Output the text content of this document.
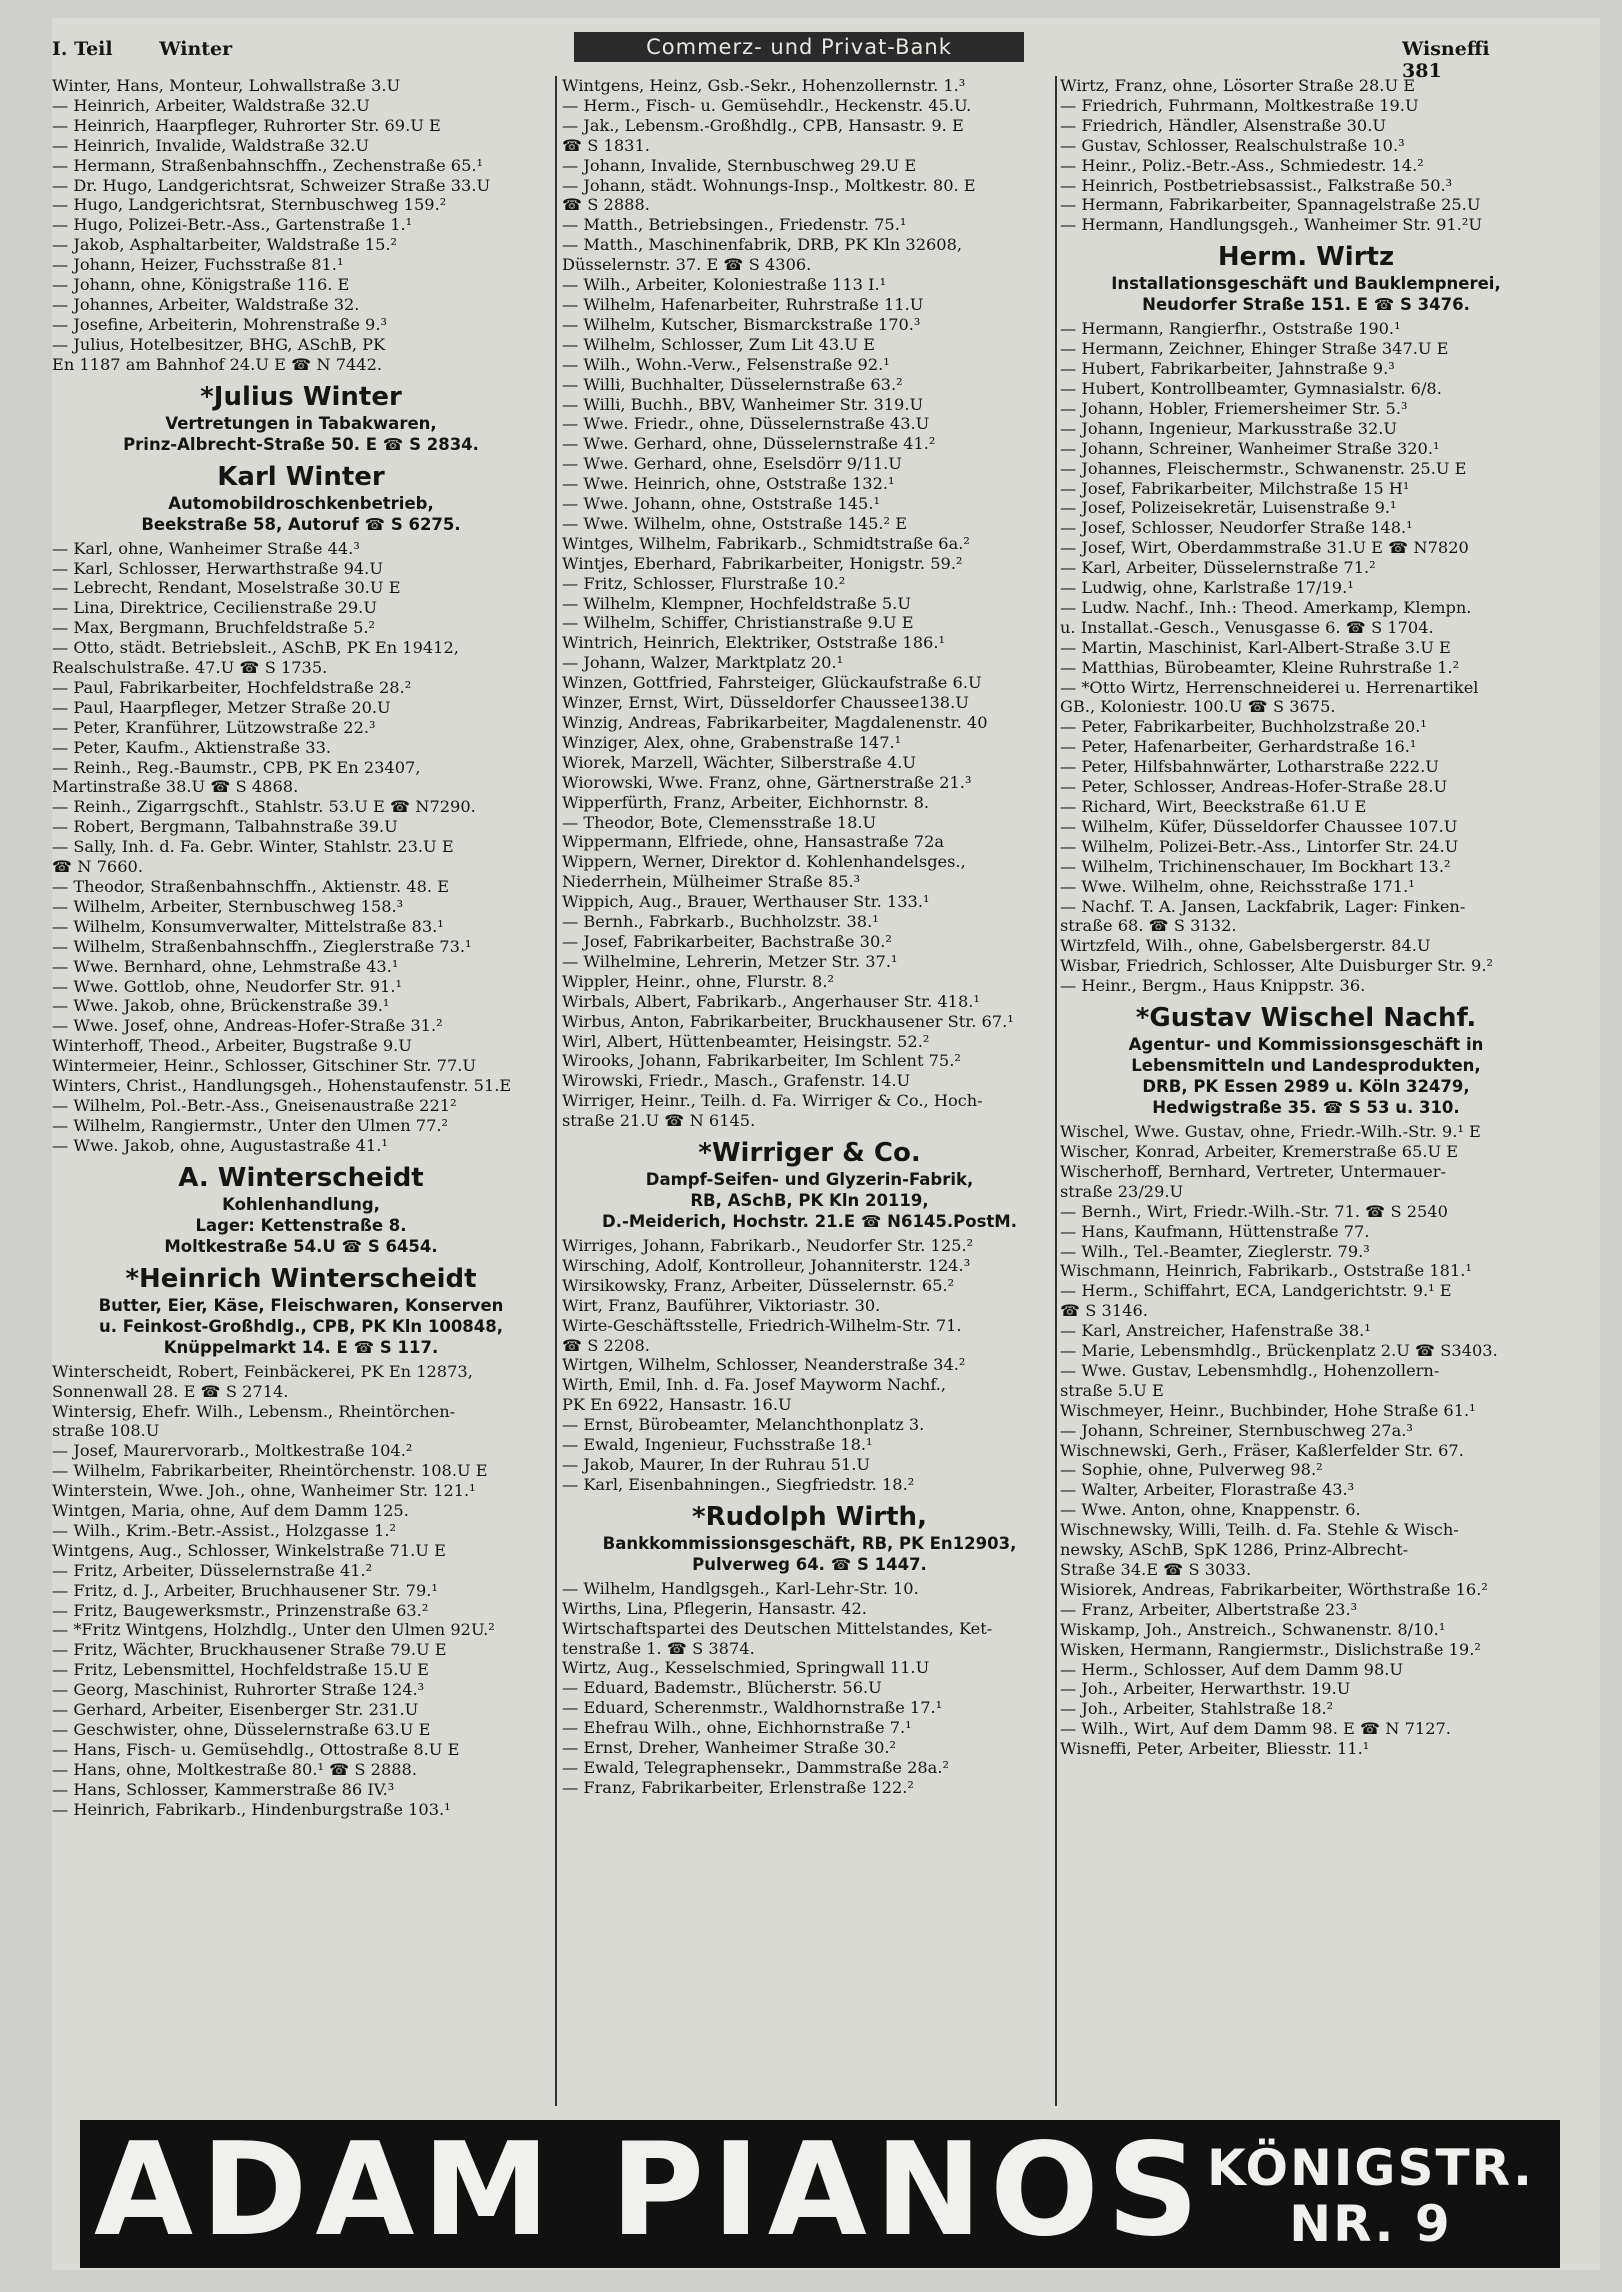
I. Teil Winter	Commerz- und Privat-Bank	Wisneffi 381
Winter, Hans, Monteur, Lohwallstraße 3.U
— Heinrich, Arbeiter, Waldstraße 32.U
— Heinrich, Haarpfleger, Ruhrorter Str. 69.U E
— Heinrich, Invalide, Waldstraße 32.U
— Hermann, Straßenbahnschffn., Zechenstraße 65.¹
— Dr. Hugo, Landgerichtsrat, Schweizer Straße 33.U
— Hugo, Landgerichtsrat, Sternbuschweg 159.²
— Hugo, Polizei-Betr.-Ass., Gartenstraße 1.¹
— Jakob, Asphaltarbeiter, Waldstraße 15.²
— Johann, Heizer, Fuchsstraße 81.¹
— Johann, ohne, Königstraße 116. E
— Johannes, Arbeiter, Waldstraße 32.
— Josefine, Arbeiterin, Mohrenstraße 9.³
— Julius, Hotelbesitzer, BHG, ASchB, PK
En 1187 am Bahnhof 24.U E ☎ N 7442.
*Julius Winter
Vertretungen in Tabakwaren,
Prinz-Albrecht-Straße 50. E ☎ S 2834.
Karl Winter
Automobildroschkenbetrieb,
Beekstraße 58, Autoruf ☎ S 6275.
— Karl, ohne, Wanheimer Straße 44.³
— Karl, Schlosser, Herwarthstraße 94.U
— Lebrecht, Rendant, Moselstraße 30.U E
— Lina, Direktrice, Cecilienstraße 29.U
— Max, Bergmann, Bruchfeldstraße 5.²
— Otto, städt. Betriebsleit., ASchB, PK En 19412,
Realschulstraße. 47.U ☎ S 1735.
— Paul, Fabrikarbeiter, Hochfeldstraße 28.²
— Paul, Haarpfleger, Metzer Straße 20.U
— Peter, Kranführer, Lützowstraße 22.³
— Peter, Kaufm., Aktienstraße 33.
— Reinh., Reg.-Baumstr., CPB, PK En 23407,
Martinstraße 38.U ☎ S 4868.
— Reinh., Zigarrgschft., Stahlstr. 53.U E ☎ N7290.
— Robert, Bergmann, Talbahnstraße 39.U
— Sally, Inh. d. Fa. Gebr. Winter, Stahlstr. 23.U E
☎ N 7660.
— Theodor, Straßenbahnschffn., Aktienstr. 48. E
— Wilhelm, Arbeiter, Sternbuschweg 158.³
— Wilhelm, Konsumverwalter, Mittelstraße 83.¹
— Wilhelm, Straßenbahnschffn., Zieglerstraße 73.¹
— Wwe. Bernhard, ohne, Lehmstraße 43.¹
— Wwe. Gottlob, ohne, Neudorfer Str. 91.¹
— Wwe. Jakob, ohne, Brückenstraße 39.¹
— Wwe. Josef, ohne, Andreas-Hofer-Straße 31.²
Winterhoff, Theod., Arbeiter, Bugstraße 9.U
Wintermeier, Heinr., Schlosser, Gitschiner Str. 77.U
Winters, Christ., Handlungsgeh., Hohenstaufenstr. 51.E
— Wilhelm, Pol.-Betr.-Ass., Gneisenaustraße 221²
— Wilhelm, Rangiermstr., Unter den Ulmen 77.²
— Wwe. Jakob, ohne, Augustastraße 41.¹
A. Winterscheidt
Kohlenhandlung,
Lager: Kettenstraße 8.
Moltkestraße 54.U ☎ S 6454.
*Heinrich Winterscheidt
Butter, Eier, Käse, Fleischwaren, Konserven
u. Feinkost-Großhdlg., CPB, PK Kln 100848,
Knüppelmarkt 14. E ☎ S 117.
Winterscheidt, Robert, Feinbäckerei, PK En 12873,
Sonnenwall 28. E ☎ S 2714.
Wintersig, Ehefr. Wilh., Lebensm., Rheintörchen-
straße 108.U
— Josef, Maurervorarb., Moltkestraße 104.²
— Wilhelm, Fabrikarbeiter, Rheintörchenstr. 108.U E
Winterstein, Wwe. Joh., ohne, Wanheimer Str. 121.¹
Wintgen, Maria, ohne, Auf dem Damm 125.
— Wilh., Krim.-Betr.-Assist., Holzgasse 1.²
Wintgens, Aug., Schlosser, Winkelstraße 71.U E
— Fritz, Arbeiter, Düsselernstraße 41.²
— Fritz, d. J., Arbeiter, Bruchhausener Str. 79.¹
— Fritz, Baugewerksmstr., Prinzenstraße 63.²
— *Fritz Wintgens, Holzhdlg., Unter den Ulmen 92U.²
— Fritz, Wächter, Bruckhausener Straße 79.U E
— Fritz, Lebensmittel, Hochfeldstraße 15.U E
— Georg, Maschinist, Ruhrorter Straße 124.³
— Gerhard, Arbeiter, Eisenberger Str. 231.U
— Geschwister, ohne, Düsselernstraße 63.U E
— Hans, Fisch- u. Gemüsehdlg., Ottostraße 8.U E
— Hans, ohne, Moltkestraße 80.¹ ☎ S 2888.
— Hans, Schlosser, Kammerstraße 86 IV.³
— Heinrich, Fabrikarb., Hindenburgstraße 103.¹
Wintgens, Heinz, Gsb.-Sekr., Hohenzollernstr. 1.³
— Herm., Fisch- u. Gemüsehdlr., Heckenstr. 45.U.
— Jak., Lebensm.-Großhdlg., CPB, Hansastr. 9. E
☎ S 1831.
— Johann, Invalide, Sternbuschweg 29.U E
— Johann, städt. Wohnungs-Insp., Moltkestr. 80. E
☎ S 2888.
— Matth., Betriebsingen., Friedenstr. 75.¹
— Matth., Maschinenfabrik, DRB, PK Kln 32608,
Düsselernstr. 37. E ☎ S 4306.
— Wilh., Arbeiter, Koloniestraße 113 I.¹
— Wilhelm, Hafenarbeiter, Ruhrstraße 11.U
— Wilhelm, Kutscher, Bismarckstraße 170.³
— Wilhelm, Schlosser, Zum Lit 43.U E
— Wilh., Wohn.-Verw., Felsenstraße 92.¹
— Willi, Buchhalter, Düsselernstraße 63.²
— Willi, Buchh., BBV, Wanheimer Str. 319.U
— Wwe. Friedr., ohne, Düsselernstraße 43.U
— Wwe. Gerhard, ohne, Düsselernstraße 41.²
— Wwe. Gerhard, ohne, Eselsdörr 9/11.U
— Wwe. Heinrich, ohne, Oststraße 132.¹
— Wwe. Johann, ohne, Oststraße 145.¹
— Wwe. Wilhelm, ohne, Oststraße 145.² E
Wintges, Wilhelm, Fabrikarb., Schmidtstraße 6a.²
Wintjes, Eberhard, Fabrikarbeiter, Honigstr. 59.²
— Fritz, Schlosser, Flurstraße 10.²
— Wilhelm, Klempner, Hochfeldstraße 5.U
— Wilhelm, Schiffer, Christianstraße 9.U E
Wintrich, Heinrich, Elektriker, Oststraße 186.¹
— Johann, Walzer, Marktplatz 20.¹
Winzen, Gottfried, Fahrsteiger, Glückaufstraße 6.U
Winzer, Ernst, Wirt, Düsseldorfer Chaussee138.U
Winzig, Andreas, Fabrikarbeiter, Magdalenenstr. 40
Winziger, Alex, ohne, Grabenstraße 147.¹
Wiorek, Marzell, Wächter, Silberstraße 4.U
Wiorowski, Wwe. Franz, ohne, Gärtnerstraße 21.³
Wipperfürth, Franz, Arbeiter, Eichhornstr. 8.
— Theodor, Bote, Clemensstraße 18.U
Wippermann, Elfriede, ohne, Hansastraße 72a
Wippern, Werner, Direktor d. Kohlenhandelsges.,
Niederrhein, Mülheimer Straße 85.³
Wippich, Aug., Brauer, Werthauser Str. 133.¹
— Bernh., Fabrkarb., Buchholzstr. 38.¹
— Josef, Fabrikarbeiter, Bachstraße 30.²
— Wilhelmine, Lehrerin, Metzer Str. 37.¹
Wippler, Heinr., ohne, Flurstr. 8.²
Wirbals, Albert, Fabrikarb., Angerhauser Str. 418.¹
Wirbus, Anton, Fabrikarbeiter, Bruckhausener Str. 67.¹
Wirl, Albert, Hüttenbeamter, Heisingstr. 52.²
Wirooks, Johann, Fabrikarbeiter, Im Schlent 75.²
Wirowski, Friedr., Masch., Grafenstr. 14.U
Wirriger, Heinr., Teilh. d. Fa. Wirriger & Co., Hoch-
straße 21.U ☎ N 6145.
*Wirriger & Co.
Dampf-Seifen- und Glyzerin-Fabrik,
RB, ASchB, PK Kln 20119,
D.-Meiderich, Hochstr. 21.E ☎ N6145.PostM.
Wirriges, Johann, Fabrikarb., Neudorfer Str. 125.²
Wirsching, Adolf, Kontrolleur, Johanniterstr. 124.³
Wirsikowsky, Franz, Arbeiter, Düsselernstr. 65.²
Wirt, Franz, Bauführer, Viktoriastr. 30.
Wirte-Geschäftsstelle, Friedrich-Wilhelm-Str. 71.
☎ S 2208.
Wirtgen, Wilhelm, Schlosser, Neanderstraße 34.²
Wirth, Emil, Inh. d. Fa. Josef Mayworm Nachf.,
PK En 6922, Hansastr. 16.U
— Ernst, Bürobeamter, Melanchthonplatz 3.
— Ewald, Ingenieur, Fuchsstraße 18.¹
— Jakob, Maurer, In der Ruhrau 51.U
— Karl, Eisenbahningen., Siegfriedstr. 18.²
*Rudolph Wirth,
Bankkommissionsgeschäft, RB, PK En12903,
Pulverweg 64. ☎ S 1447.
— Wilhelm, Handlgsgeh., Karl-Lehr-Str. 10.
Wirths, Lina, Pflegerin, Hansastr. 42.
Wirtschaftspartei des Deutschen Mittelstandes, Ket-
tenstraße 1. ☎ S 3874.
Wirtz, Aug., Kesselschmied, Springwall 11.U
— Eduard, Bademstr., Blücherstr. 56.U
— Eduard, Scherenmstr., Waldhornstraße 17.¹
— Ehefrau Wilh., ohne, Eichhornstraße 7.¹
— Ernst, Dreher, Wanheimer Straße 30.²
— Ewald, Telegraphensekr., Dammstraße 28a.²
— Franz, Fabrikarbeiter, Erlenstraße 122.²
Wirtz, Franz, ohne, Lösorter Straße 28.U E
— Friedrich, Fuhrmann, Moltkestraße 19.U
— Friedrich, Händler, Alsenstraße 30.U
— Gustav, Schlosser, Realschulstraße 10.³
— Heinr., Poliz.-Betr.-Ass., Schmiedestr. 14.²
— Heinrich, Postbetriebsassist., Falkstraße 50.³
— Hermann, Fabrikarbeiter, Spannagelstraße 25.U
— Hermann, Handlungsgeh., Wanheimer Str. 91.²U
Herm. Wirtz
Installationsgeschäft und Bauklempnerei,
Neudorfer Straße 151. E ☎ S 3476.
— Hermann, Rangierfhr., Oststraße 190.¹
— Hermann, Zeichner, Ehinger Straße 347.U E
— Hubert, Fabrikarbeiter, Jahnstraße 9.³
— Hubert, Kontrollbeamter, Gymnasialstr. 6/8.
— Johann, Hobler, Friemersheimer Str. 5.³
— Johann, Ingenieur, Markusstraße 32.U
— Johann, Schreiner, Wanheimer Straße 320.¹
— Johannes, Fleischermstr., Schwanenstr. 25.U E
— Josef, Fabrikarbeiter, Milchstraße 15 H¹
— Josef, Polizeisekretär, Luisenstraße 9.¹
— Josef, Schlosser, Neudorfer Straße 148.¹
— Josef, Wirt, Oberdammstraße 31.U E ☎ N7820
— Karl, Arbeiter, Düsselernstraße 71.²
— Ludwig, ohne, Karlstraße 17/19.¹
— Ludw. Nachf., Inh.: Theod. Amerkamp, Klempn.
u. Installat.-Gesch., Venusgasse 6. ☎ S 1704.
— Martin, Maschinist, Karl-Albert-Straße 3.U E
— Matthias, Bürobeamter, Kleine Ruhrstraße 1.²
— *Otto Wirtz, Herrenschneiderei u. Herrenartikel
GB., Koloniestr. 100.U ☎ S 3675.
— Peter, Fabrikarbeiter, Buchholzstraße 20.¹
— Peter, Hafenarbeiter, Gerhardstraße 16.¹
— Peter, Hilfsbahnwärter, Lotharstraße 222.U
— Peter, Schlosser, Andreas-Hofer-Straße 28.U
— Richard, Wirt, Beeckstraße 61.U E
— Wilhelm, Küfer, Düsseldorfer Chaussee 107.U
— Wilhelm, Polizei-Betr.-Ass., Lintorfer Str. 24.U
— Wilhelm, Trichinenschauer, Im Bockhart 13.²
— Wwe. Wilhelm, ohne, Reichsstraße 171.¹
— Nachf. T. A. Jansen, Lackfabrik, Lager: Finken-
straße 68. ☎ S 3132.
Wirtzfeld, Wilh., ohne, Gabelsbergerstr. 84.U
Wisbar, Friedrich, Schlosser, Alte Duisburger Str. 9.²
— Heinr., Bergm., Haus Knippstr. 36.
*Gustav Wischel Nachf.
Agentur- und Kommissionsgeschäft in
Lebensmitteln und Landesprodukten,
DRB, PK Essen 2989 u. Köln 32479,
Hedwigstraße 35. ☎ S 53 u. 310.
Wischel, Wwe. Gustav, ohne, Friedr.-Wilh.-Str. 9.¹ E
Wischer, Konrad, Arbeiter, Kremerstraße 65.U E
Wischerhoff, Bernhard, Vertreter, Untermauer-
straße 23/29.U
— Bernh., Wirt, Friedr.-Wilh.-Str. 71. ☎ S 2540
— Hans, Kaufmann, Hüttenstraße 77.
— Wilh., Tel.-Beamter, Zieglerstr. 79.³
Wischmann, Heinrich, Fabrikarb., Oststraße 181.¹
— Herm., Schiffahrt, ECA, Landgerichtstr. 9.¹ E
☎ S 3146.
— Karl, Anstreicher, Hafenstraße 38.¹
— Marie, Lebensmhdlg., Brückenplatz 2.U ☎ S3403.
— Wwe. Gustav, Lebensmhdlg., Hohenzollern-
straße 5.U E
Wischmeyer, Heinr., Buchbinder, Hohe Straße 61.¹
— Johann, Schreiner, Sternbuschweg 27a.³
Wischnewski, Gerh., Fräser, Kaßlerfelder Str. 67.
— Sophie, ohne, Pulverweg 98.²
— Walter, Arbeiter, Florastraße 43.³
— Wwe. Anton, ohne, Knappenstr. 6.
Wischnewsky, Willi, Teilh. d. Fa. Stehle & Wisch-
newsky, ASchB, SpK 1286, Prinz-Albrecht-
Straße 34.E ☎ S 3033.
Wisiorek, Andreas, Fabrikarbeiter, Wörthstraße 16.²
— Franz, Arbeiter, Albertstraße 23.³
Wiskamp, Joh., Anstreich., Schwanenstr. 8/10.¹
Wisken, Hermann, Rangiermstr., Dislichstraße 19.²
— Herm., Schlosser, Auf dem Damm 98.U
— Joh., Arbeiter, Herwarthstr. 19.U
— Joh., Arbeiter, Stahlstraße 18.²
— Wilh., Wirt, Auf dem Damm 98. E ☎ N 7127.
Wisneffi, Peter, Arbeiter, Bliesstr. 11.¹
ADAM PIANOS KÖNIGSTR.
NR. 9
